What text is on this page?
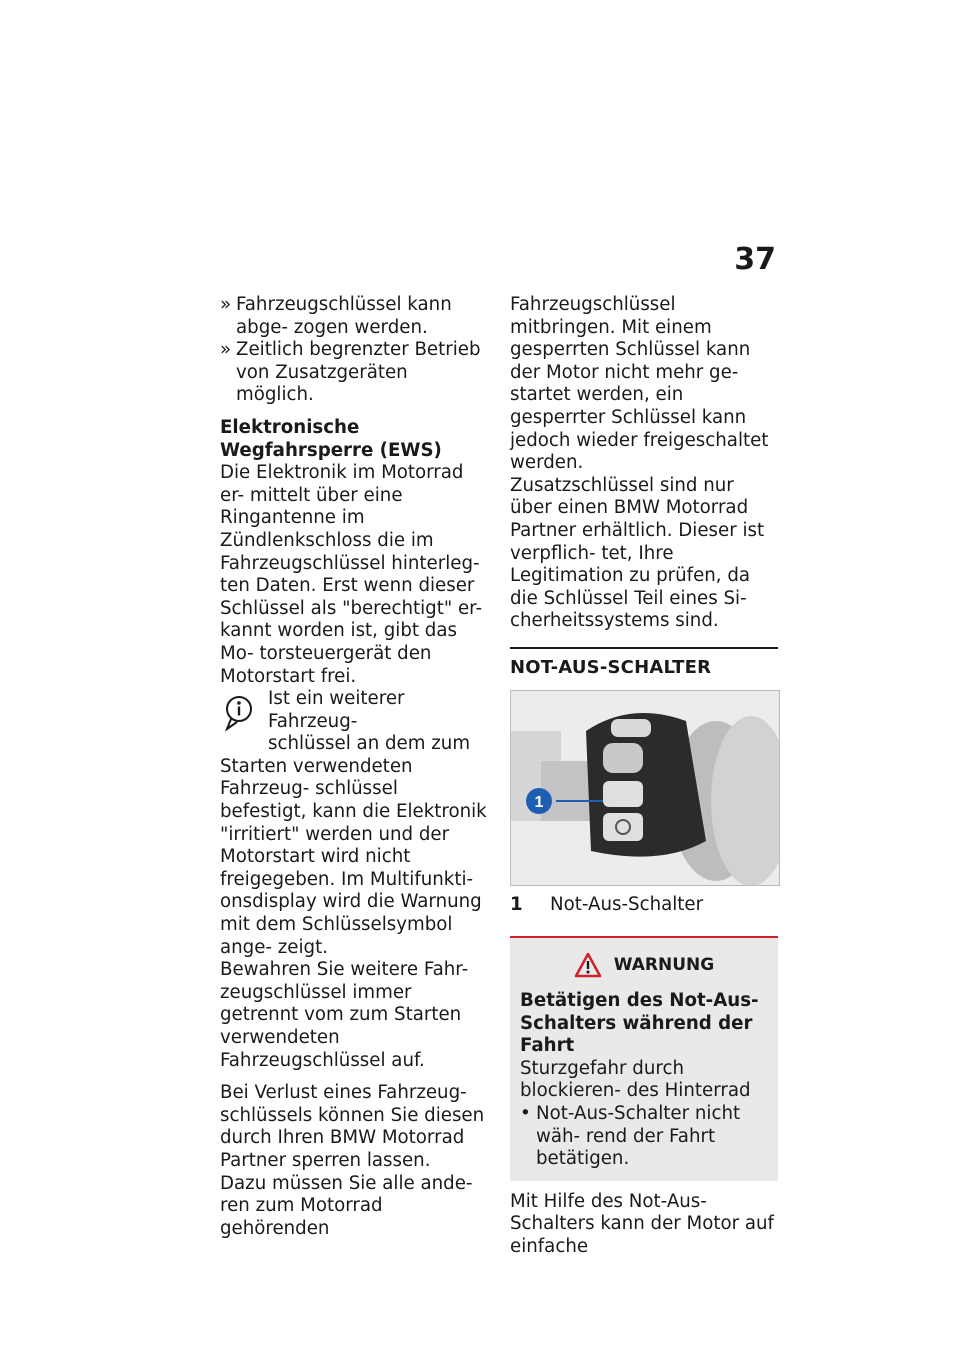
37
» Fahrzeugschlüssel kann abge- zogen werden.
» Zeitlich begrenzter Betrieb von Zusatzgeräten möglich.

Elektronische Wegfahrsperre (EWS)

Die Elektronik im Motorrad er- mittelt über eine Ringantenne im Zündlenkschloss die im Fahrzeugschlüssel hinterleg- ten Daten. Erst wenn dieser Schlüssel als "berechtigt" er- kannt worden ist, gibt das Mo- torsteuergerät den Motorstart frei.

Ist ein weiterer Fahrzeug-

schlüssel an dem zum

Starten verwendeten Fahrzeug- schlüssel befestigt, kann die Elektronik "irritiert" werden und der Motorstart wird nicht freigegeben. Im Multifunkti- onsdisplay wird die Warnung mit dem Schlüsselsymbol ange- zeigt.

Bewahren Sie weitere Fahr- zeugschlüssel immer getrennt vom zum Starten verwendeten Fahrzeugschlüssel auf.

Bei Verlust eines Fahrzeug- schlüssels können Sie diesen durch Ihren BMW Motorrad Partner sperren lassen.

Dazu müssen Sie alle ande- ren zum Motorrad gehörenden

Fahrzeugschlüssel mitbringen. Mit einem gesperrten Schlüssel kann der Motor nicht mehr ge- startet werden, ein gesperrter Schlüssel kann jedoch wieder freigeschaltet werden.

Zusatzschlüssel sind nur über einen BMW Motorrad Partner erhältlich. Dieser ist verpflich- tet, Ihre Legitimation zu prüfen, da die Schlüssel Teil eines Si- cherheitssystems sind.

NOT-AUS-SCHALTER

1
1	Not-Aus-Schalter
WARNUNG

Betätigen des Not-Aus- Schalters während der Fahrt

Sturzgefahr durch blockieren- des Hinterrad

• Not-Aus-Schalter nicht wäh- rend der Fahrt betätigen.

Mit Hilfe des Not-Aus-Schalters kann der Motor auf einfache
